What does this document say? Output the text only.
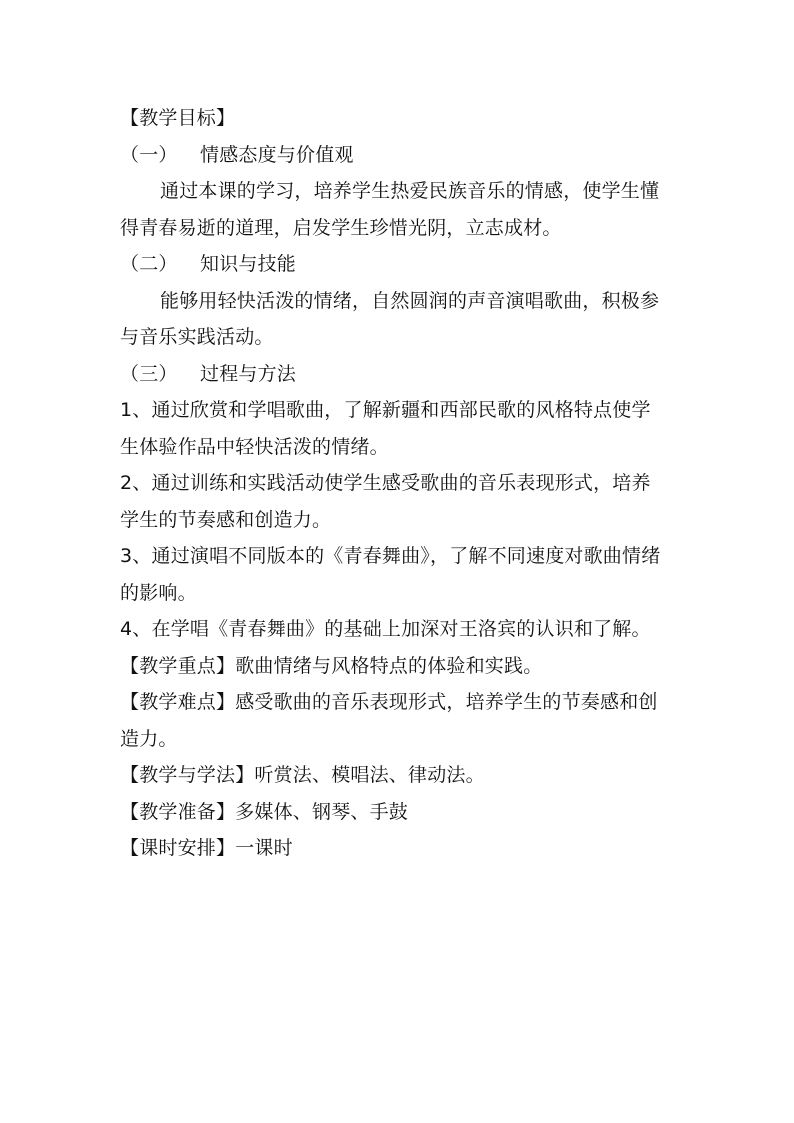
【教学目标】
（一） 情感态度与价值观
通过本课的学习，培养学生热爱民族音乐的情感，使学生懂
得青春易逝的道理，启发学生珍惜光阴，立志成材。
（二） 知识与技能
能够用轻快活泼的情绪，自然圆润的声音演唱歌曲，积极参
与音乐实践活动。
（三） 过程与方法
1、通过欣赏和学唱歌曲，了解新疆和西部民歌的风格特点使学
生体验作品中轻快活泼的情绪。
2、通过训练和实践活动使学生感受歌曲的音乐表现形式，培养
学生的节奏感和创造力。
3、通过演唱不同版本的《青春舞曲》，了解不同速度对歌曲情绪
的影响。
4、在学唱《青春舞曲》的基础上加深对王洛宾的认识和了解。
【教学重点】歌曲情绪与风格特点的体验和实践。
【教学难点】感受歌曲的音乐表现形式，培养学生的节奏感和创
造力。
【教学与学法】听赏法、模唱法、律动法。
【教学准备】多媒体、钢琴、手鼓
【课时安排】一课时
